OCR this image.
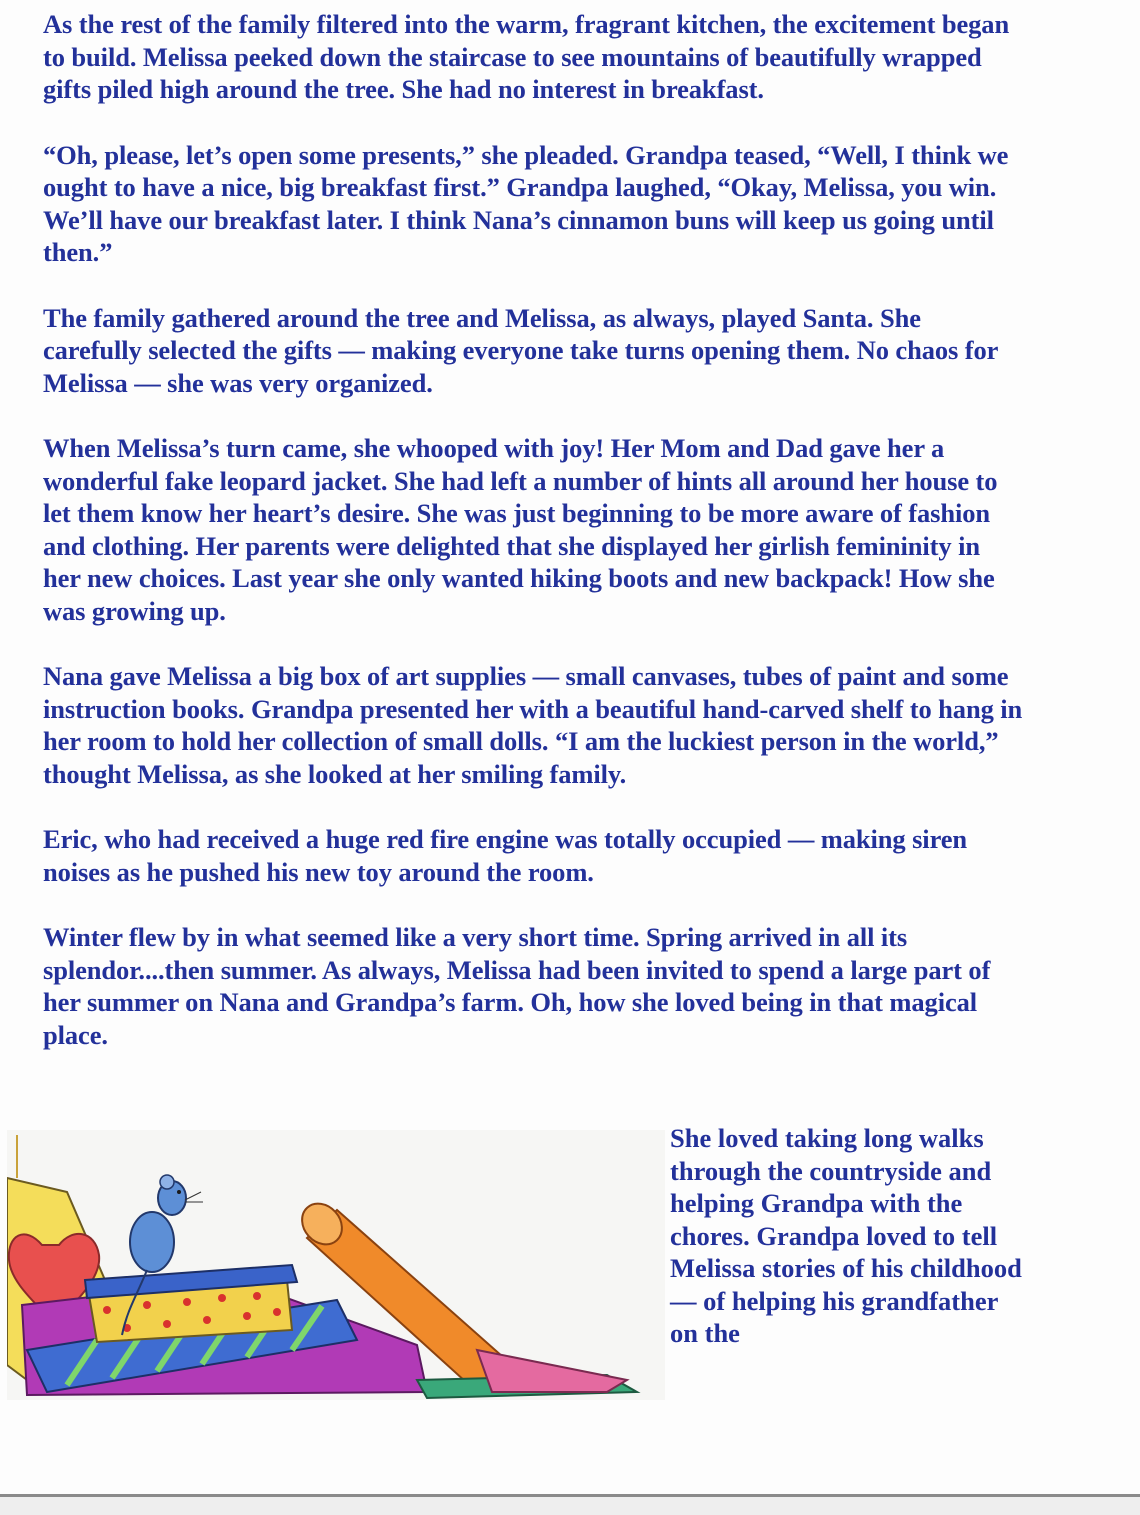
As the rest of the family filtered into the warm, fragrant kitchen, the excitement began to build. Melissa peeked down the staircase to see mountains of beautifully wrapped gifts piled high around the tree. She had no interest in breakfast.

“Oh, please, let’s open some presents,” she pleaded. Grandpa teased, “Well, I think we ought to have a nice, big breakfast first.” Grandpa laughed, “Okay, Melissa, you win. We’ll have our breakfast later. I think Nana’s cinnamon buns will keep us going until then.”

The family gathered around the tree and Melissa, as always, played Santa. She carefully selected the gifts — making everyone take turns opening them. No chaos for Melissa — she was very organized.

When Melissa’s turn came, she whooped with joy! Her Mom and Dad gave her a wonderful fake leopard jacket. She had left a number of hints all around her house to let them know her heart’s desire. She was just beginning to be more aware of fashion and clothing. Her parents were delighted that she displayed her girlish femininity in her new choices. Last year she only wanted hiking boots and new backpack! How she was growing up.

Nana gave Melissa a big box of art supplies — small canvases, tubes of paint and some instruction books. Grandpa presented her with a beautiful hand-carved shelf to hang in her room to hold her collection of small dolls. “I am the luckiest person in the world,” thought Melissa, as she looked at her smiling family.

Eric, who had received a huge red fire engine was totally occupied — making siren noises as he pushed his new toy around the room.

Winter flew by in what seemed like a very short time. Spring arrived in all its splendor....then summer. As always, Melissa had been invited to spend a large part of her summer on Nana and Grandpa’s farm. Oh, how she loved being in that magical place.

She loved taking long walks through the countryside and helping Grandpa with the chores. Grandpa loved to tell Melissa stories of his childhood — of helping his grandfather on the
